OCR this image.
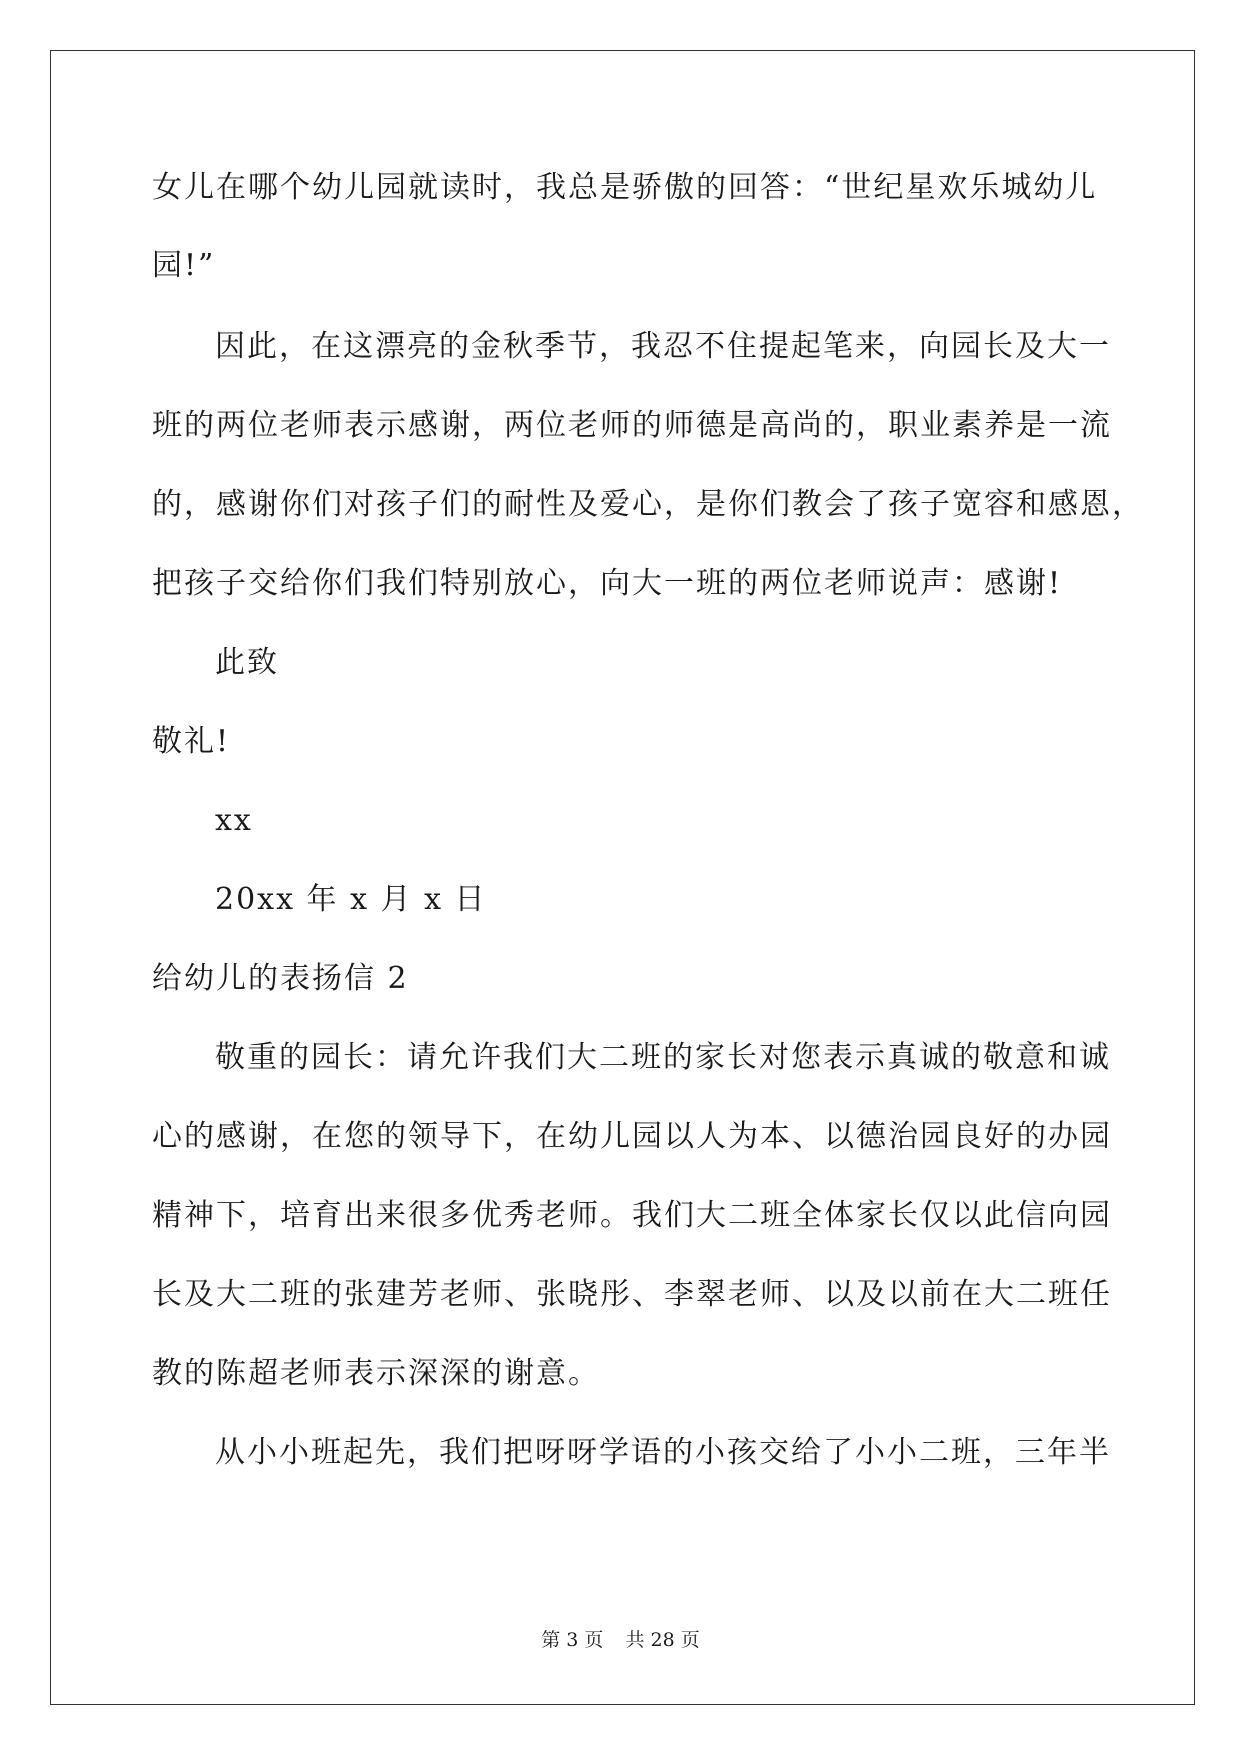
女儿在哪个幼儿园就读时，我总是骄傲的回答：“世纪星欢乐城幼儿
园!”
因此，在这漂亮的金秋季节，我忍不住提起笔来，向园长及大一
班的两位老师表示感谢，两位老师的师德是高尚的，职业素养是一流
的，感谢你们对孩子们的耐性及爱心，是你们教会了孩子宽容和感恩，
把孩子交给你们我们特别放心，向大一班的两位老师说声：感谢!
此致
敬礼!
xx
20xx 年 x 月 x 日
给幼儿的表扬信 2
敬重的园长：请允许我们大二班的家长对您表示真诚的敬意和诚
心的感谢，在您的领导下，在幼儿园以人为本、以德治园良好的办园
精神下，培育出来很多优秀老师。我们大二班全体家长仅以此信向园
长及大二班的张建芳老师、张晓彤、李翠老师、以及以前在大二班任
教的陈超老师表示深深的谢意。
从小小班起先，我们把呀呀学语的小孩交给了小小二班，三年半
第 3 页 共 28 页
